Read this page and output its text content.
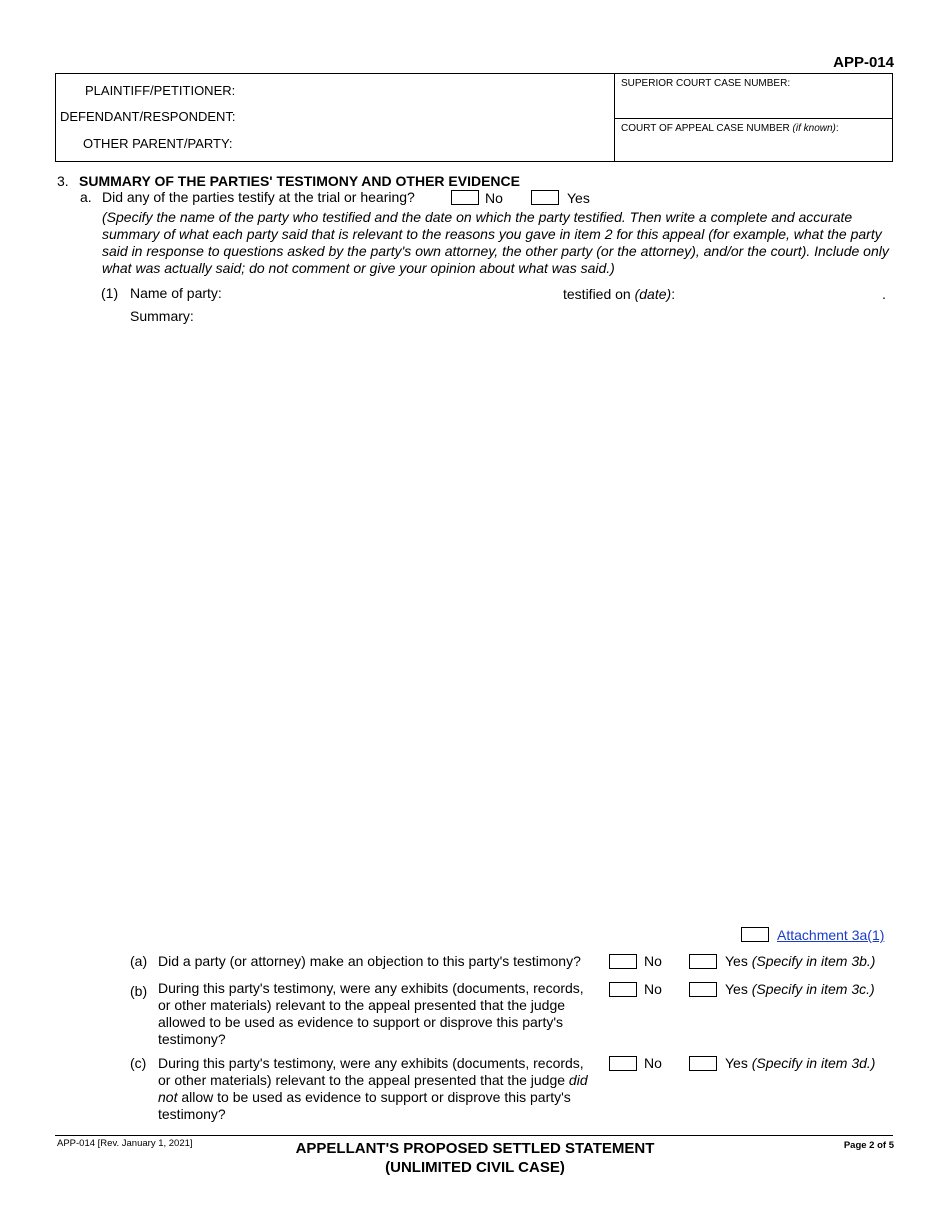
APP-014
PLAINTIFF/PETITIONER:
DEFENDANT/RESPONDENT:
OTHER PARENT/PARTY:
SUPERIOR COURT CASE NUMBER:
COURT OF APPEAL CASE NUMBER (if known):
3. SUMMARY OF THE PARTIES' TESTIMONY AND OTHER EVIDENCE
a. Did any of the parties testify at the trial or hearing?	No	Yes
(Specify the name of the party who testified and the date on which the party testified. Then write a complete and accurate summary of what each party said that is relevant to the reasons you gave in item 2 for this appeal (for example, what the party said in response to questions asked by the party's own attorney, the other party (or the attorney), and/or the court). Include only what was actually said; do not comment or give your opinion about what was said.)
(1) Name of party:	testified on (date):	.
Summary:
Attachment 3a(1)
(a) Did a party (or attorney) make an objection to this party's testimony?	No	Yes (Specify in item 3b.)
(b) During this party's testimony, were any exhibits (documents, records, or other materials) relevant to the appeal presented that the judge allowed to be used as evidence to support or disprove this party's testimony?
No	Yes (Specify in item 3c.)
(c) During this party's testimony, were any exhibits (documents, records, or other materials) relevant to the appeal presented that the judge did not allow to be used as evidence to support or disprove this party's testimony?
No	Yes (Specify in item 3d.)
APP-014 [Rev. January 1, 2021]	APPELLANT'S PROPOSED SETTLED STATEMENT
(UNLIMITED CIVIL CASE)
Page 2 of 5
